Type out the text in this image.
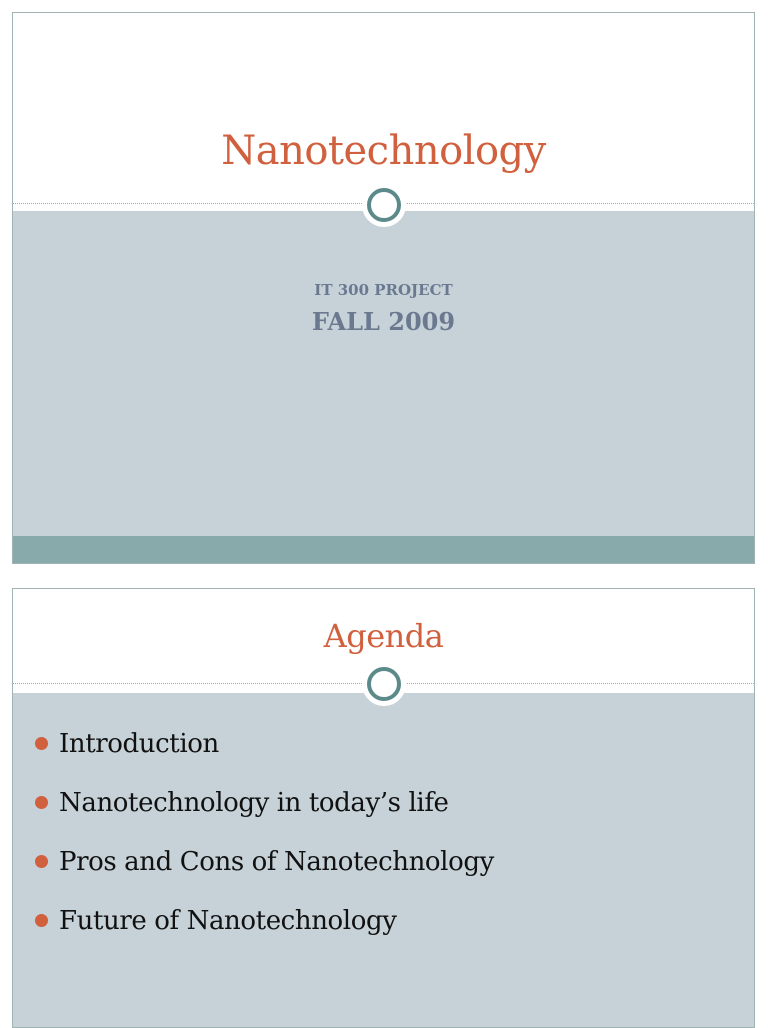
Nanotechnology
IT 300 PROJECT
FALL 2009
Agenda
Introduction
Nanotechnology in today’s life
Pros and Cons of Nanotechnology
Future of Nanotechnology
